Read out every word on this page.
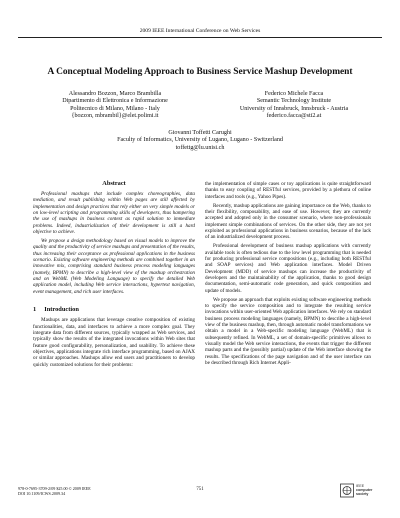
2009 IEEE International Conference on Web Services
A Conceptual Modeling Approach to Business Service Mashup Development
Alessandro Bozzon, Marco Brambilla
Dipartimento di Elettronica e Informazione
Politecnico di Milano, Milano - Italy
{bozzon, mbrambil}@elet.polimi.it
Federico Michele Facca
Semantic Technology Institute
University of Innsbruck, Innsbruck - Austria
federico.facca@sti2.at
Giovanni Toffetti Carughi
Faculty of Informatics, University of Lugano, Lugano - Switzerland
toffettg@lu.unisi.ch
Abstract

Professional mashups that include complex choreographies, data mediation, and result publishing within Web pages are still affected by implementation and design practices that rely either on very simple models or on low-level scripting and programming skills of developers, thus hampering the use of mashups in business context as rapid solution to immediate problems. Indeed, industrialization of their development is still a hard objective to achieve.

We propose a design methodology based on visual models to improve the quality and the productivity of service mashups and presentation of the results, thus increasing their acceptance as professional applications in the business scenario. Existing software engineering methods are combined together in an innovative mix, comprising standard business process modeling languages (namely, BPMN) to describe a high-level view of the mashup orchestration and on WebML (Web Modeling Language) to specify the detailed Web application model, including Web service interactions, hypertext navigation, event management, and rich user interfaces.

1 Introduction

Mashups are applications that leverage creative composition of existing functionalities, data, and interfaces to achieve a more complex goal. They integrate data from different sources, typically wrapped as Web services, and typically show the results of the integrated invocations within Web sites that feature good configurability, personalization, and usability. To achieve these objectives, applications integrate rich interface programming, based on AJAX or similar approaches. Mashups allow end users and practitioners to develop quickly customized solutions for their problems:

the implementation of simple cases or toy applications is quite straightforward thanks to easy coupling of RESTful services, provided by a plethora of online interfaces and tools (e.g., Yahoo Pipes).

Recently, mashup applications are gaining importance on the Web, thanks to their flexibility, composability, and ease of use. However, they are currently accepted and adopted only in the consumer scenario, where non-professionals implement simple combinations of services. On the other side, they are not yet exploited as professional applications in business scenarios, because of the lack of an industrialized development process.

Professional development of business mashup applications with currently available tools is often tedious due to the low level programming that is needed for producing professional service compositions (e.g., including both RESTful and SOAP services) and Web application interfaces. Model Driven Development (MDD) of service mashups can increase the productivity of developers and the maintainability of the application, thanks to good design documentation, semi-automatic code generation, and quick composition and update of models.

We propose an approach that exploits existing software engineering methods to specify the service composition and to integrate the resulting service invocations within user-oriented Web application interfaces. We rely on standard business process modeling languages (namely, BPMN) to describe a high-level view of the business mashup, then, through automatic model transformations we obtain a model in a Web-specific modeling language (WebML) that is subsequently refined. In WebML, a set of domain-specific primitives allows to visually model the Web service interactions, the events that trigger the different mashup parts and the (possibly partial) update of the Web interface showing the results. The specifications of the page navigation and of the user interface can be described through Rich Internet Appli-

978-0-7695-3709-2/09 $25.00 © 2009 IEEE
DOI 10.1109/ICWS.2009.34
751
IEEE
computer
society
